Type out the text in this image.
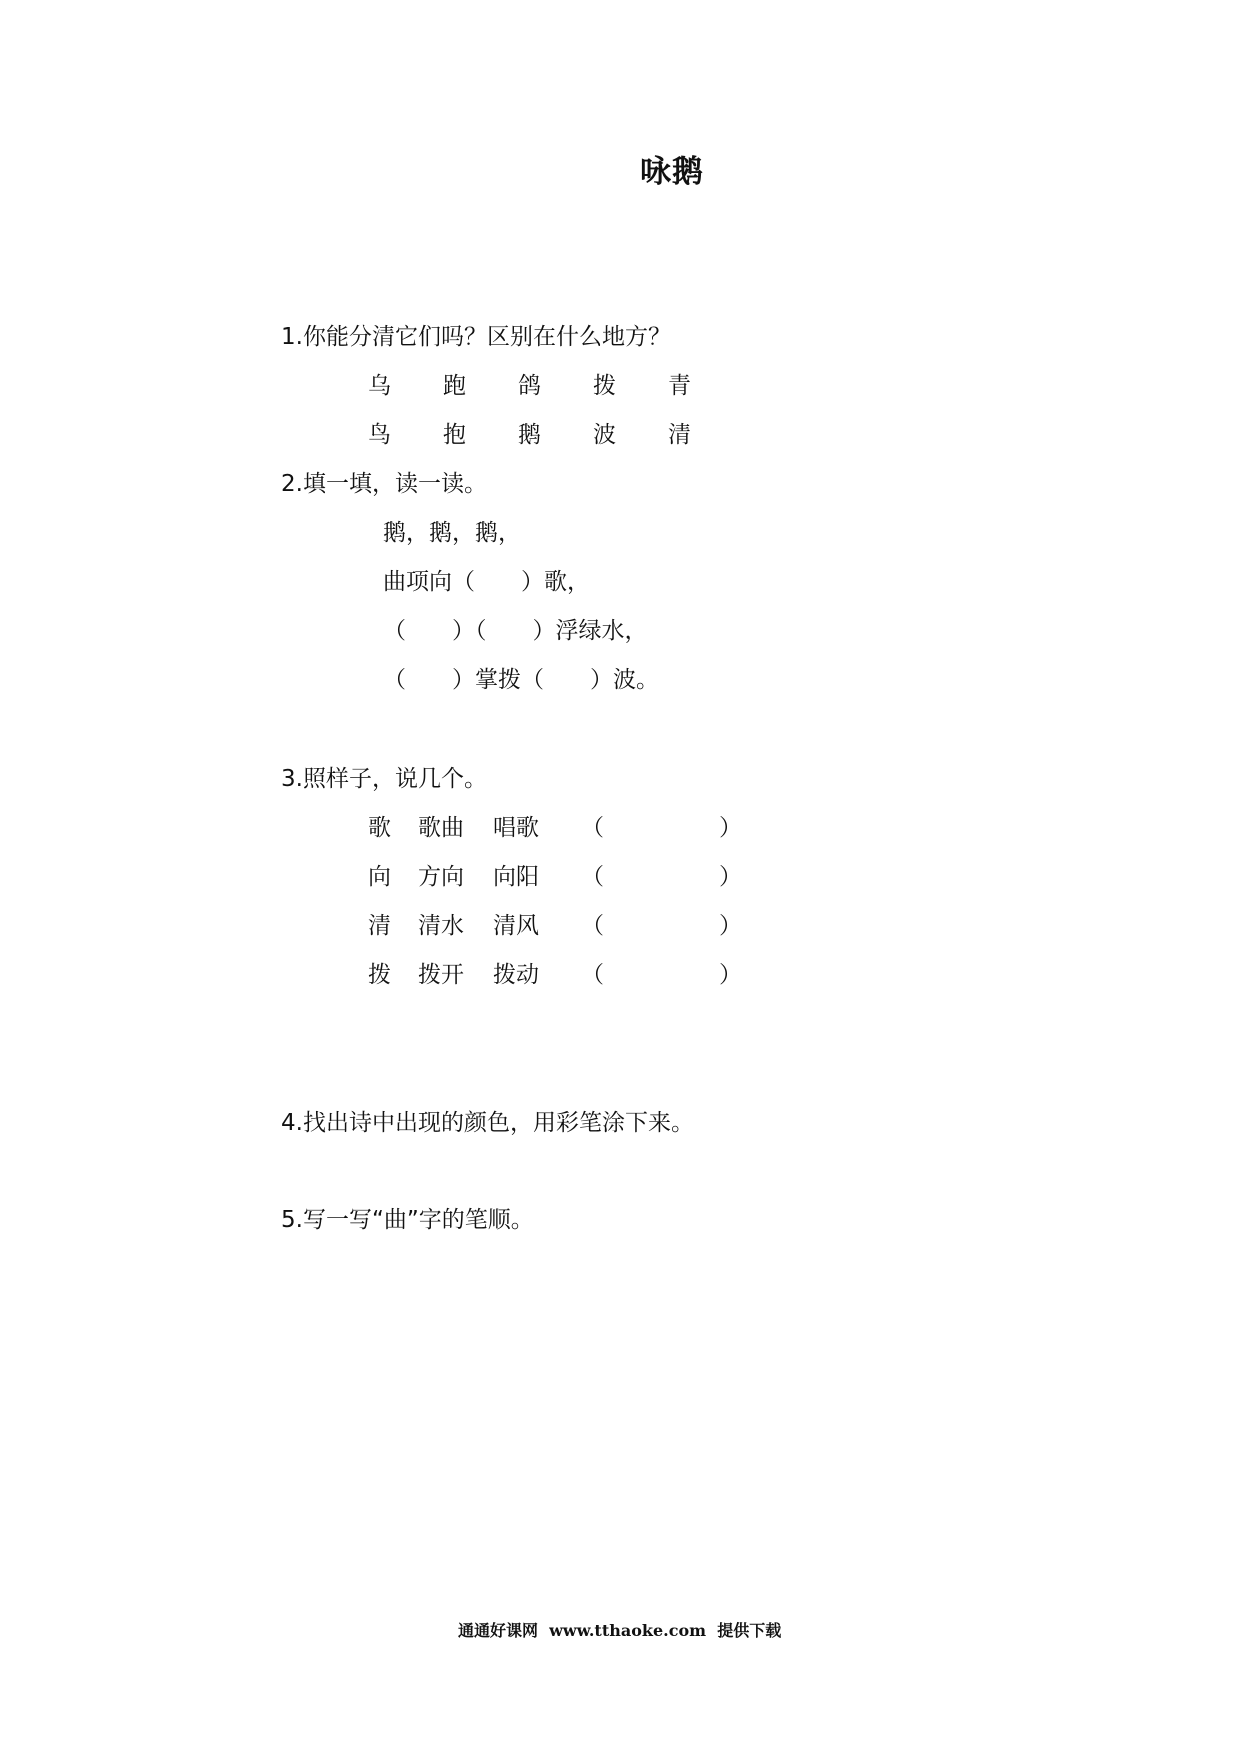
咏鹅
1.你能分清它们吗？区别在什么地方？

乌

跑

鸽

拨

青

鸟

抱

鹅

波

清

2.填一填，读一读。
鹅，鹅，鹅，
曲项向（　　）歌，
（　　）（　　）浮绿水，
（　　）掌拨（　　）波。
3.照样子，说几个。

歌

歌曲

唱歌

（　　　　　）

向

方向

向阳

（　　　　　）

清

清水

清风

（　　　　　）

拨

拨开

拨动

（　　　　　）

4.找出诗中出现的颜色，用彩笔涂下来。
5.写一写“曲”字的笔顺。
通通好课网  www.tthaoke.com  提供下载
